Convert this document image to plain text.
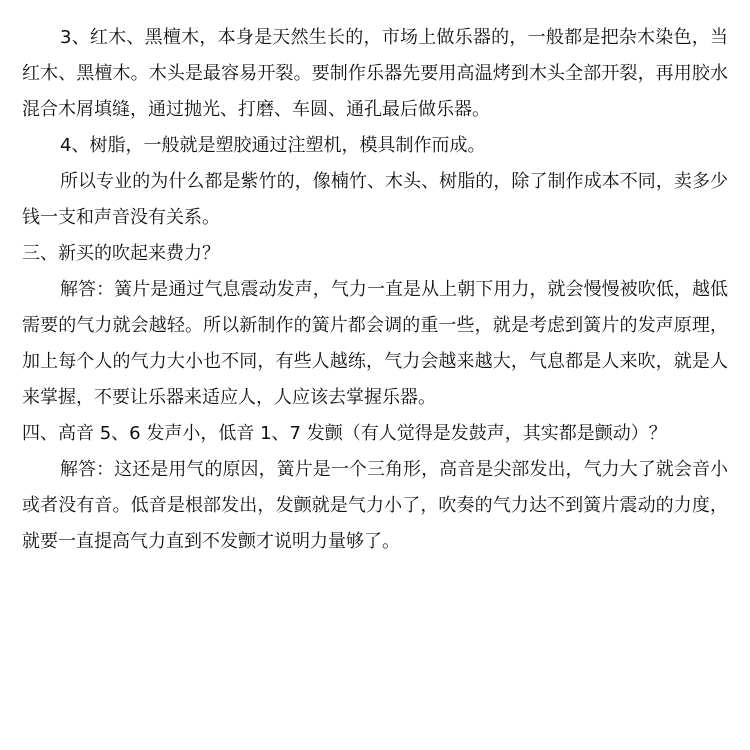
3、红木、黑檀木，本身是天然生长的，市场上做乐器的，一般都是把杂木染色，当红木、黑檀木。木头是最容易开裂。要制作乐器先要用高温烤到木头全部开裂，再用胶水混合木屑填缝，通过抛光、打磨、车圆、通孔最后做乐器。

4、树脂，一般就是塑胶通过注塑机，模具制作而成。

所以专业的为什么都是紫竹的，像楠竹、木头、树脂的，除了制作成本不同，卖多少钱一支和声音没有关系。

三、新买的吹起来费力？

解答：簧片是通过气息震动发声，气力一直是从上朝下用力，就会慢慢被吹低，越低需要的气力就会越轻。所以新制作的簧片都会调的重一些，就是考虑到簧片的发声原理，加上每个人的气力大小也不同，有些人越练，气力会越来越大，气息都是人来吹，就是人来掌握，不要让乐器来适应人，人应该去掌握乐器。

四、高音 5、6 发声小，低音 1、7 发颤（有人觉得是发鼓声，其实都是颤动）？

解答：这还是用气的原因，簧片是一个三角形，高音是尖部发出，气力大了就会音小或者没有音。低音是根部发出，发颤就是气力小了，吹奏的气力达不到簧片震动的力度，就要一直提高气力直到不发颤才说明力量够了。
